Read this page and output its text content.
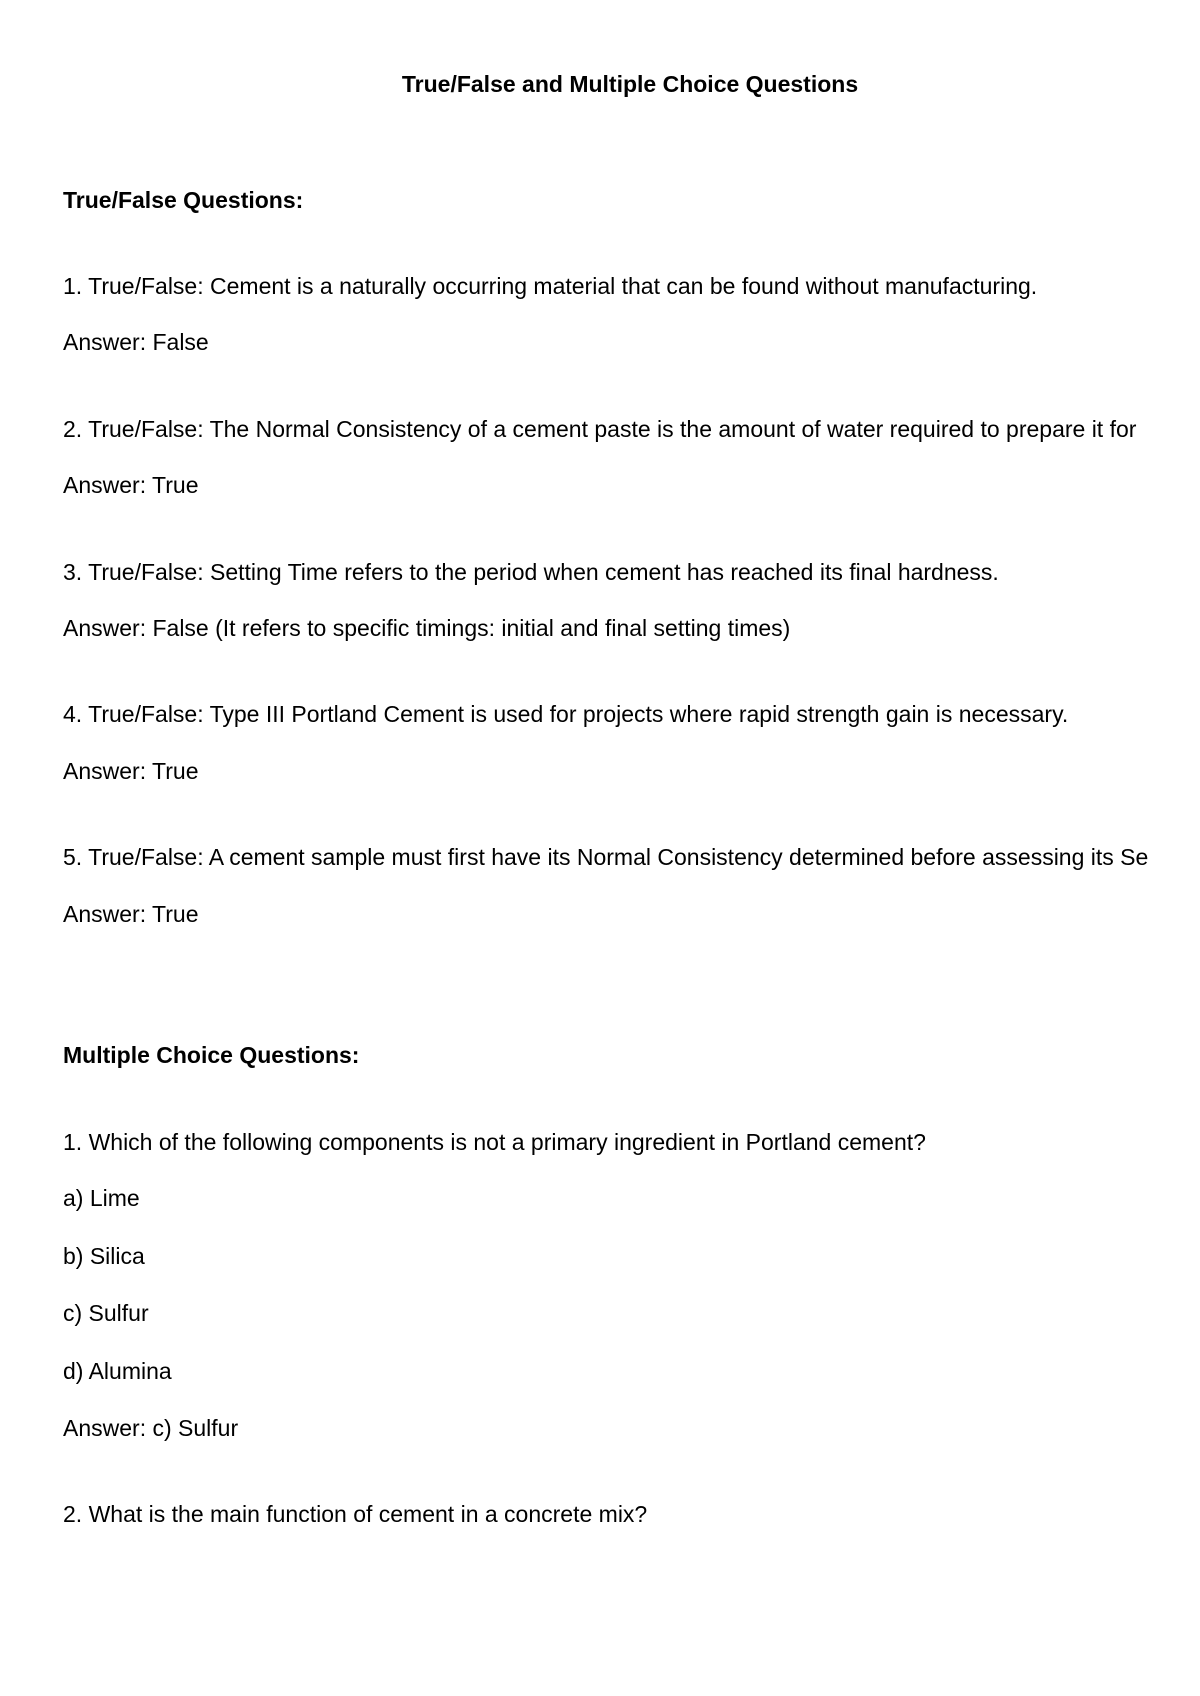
True/False and Multiple Choice Questions
True/False Questions:
1. True/False: Cement is a naturally occurring material that can be found without manufacturing.
Answer: False
2. True/False: The Normal Consistency of a cement paste is the amount of water required to prepare it for
Answer: True
3. True/False: Setting Time refers to the period when cement has reached its final hardness.
Answer: False (It refers to specific timings: initial and final setting times)
4. True/False: Type III Portland Cement is used for projects where rapid strength gain is necessary.
Answer: True
5. True/False: A cement sample must first have its Normal Consistency determined before assessing its Se
Answer: True
Multiple Choice Questions:
1. Which of the following components is not a primary ingredient in Portland cement?
a) Lime
b) Silica
c) Sulfur
d) Alumina
Answer: c) Sulfur
2. What is the main function of cement in a concrete mix?
